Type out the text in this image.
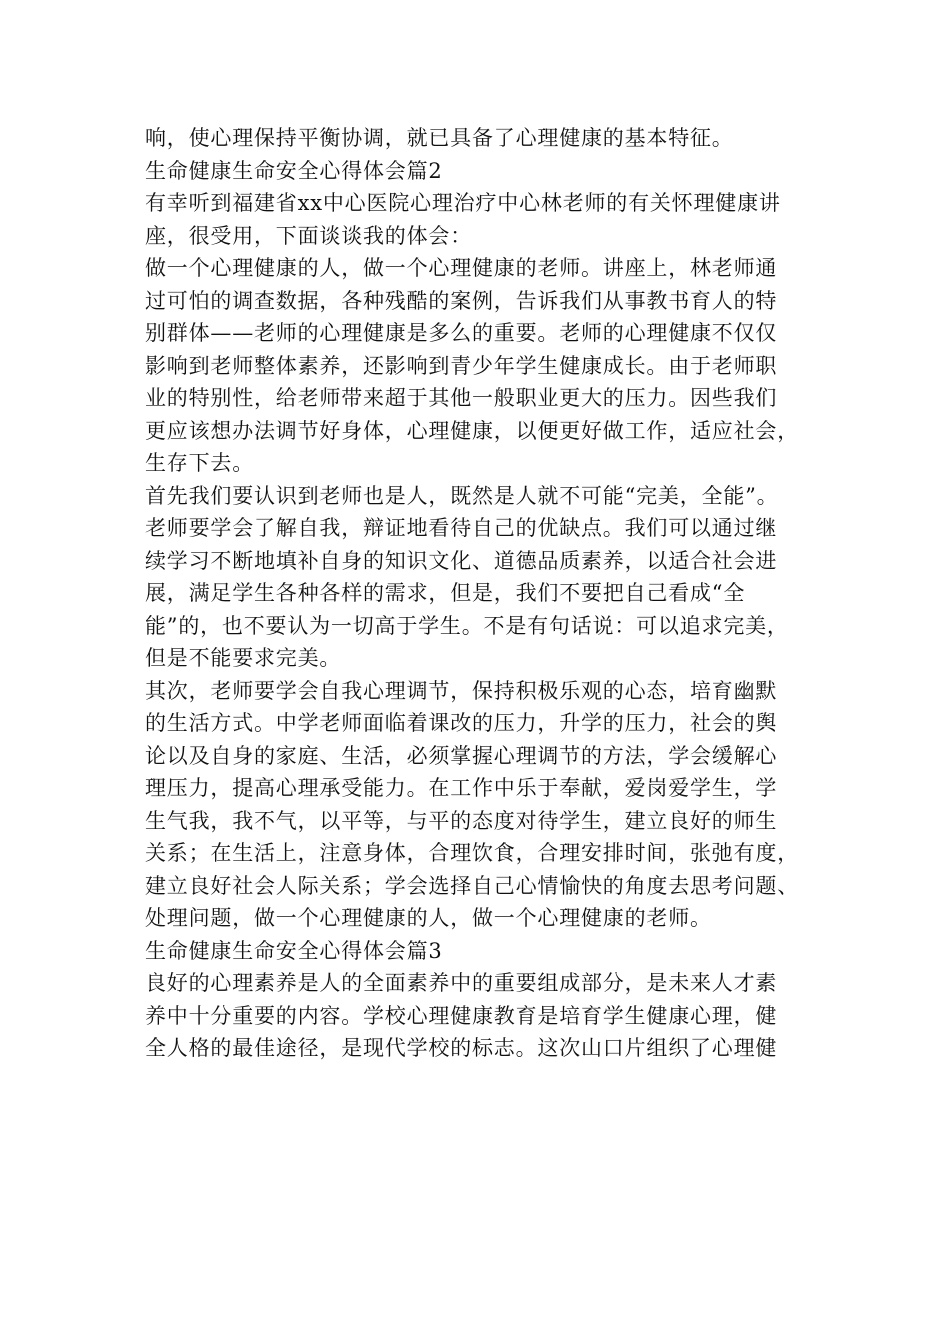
响，使心理保持平衡协调，就已具备了心理健康的基本特征。
生命健康生命安全心得体会篇2
有幸听到福建省xx中心医院心理治疗中心林老师的有关怀理健康讲
座，很受用，下面谈谈我的体会：
做一个心理健康的人，做一个心理健康的老师。讲座上，林老师通
过可怕的调查数据，各种残酷的案例，告诉我们从事教书育人的特
别群体——老师的心理健康是多么的重要。老师的心理健康不仅仅
影响到老师整体素养，还影响到青少年学生健康成长。由于老师职
业的特别性，给老师带来超于其他一般职业更大的压力。因些我们
更应该想办法调节好身体，心理健康，以便更好做工作，适应社会，
生存下去。
首先我们要认识到老师也是人，既然是人就不可能“完美，全能”。
老师要学会了解自我，辩证地看待自己的优缺点。我们可以通过继
续学习不断地填补自身的知识文化、道德品质素养，以适合社会进
展，满足学生各种各样的需求，但是，我们不要把自己看成“全
能”的，也不要认为一切高于学生。不是有句话说：可以追求完美，
但是不能要求完美。
其次，老师要学会自我心理调节，保持积极乐观的心态，培育幽默
的生活方式。中学老师面临着课改的压力，升学的压力，社会的舆
论以及自身的家庭、生活，必须掌握心理调节的方法，学会缓解心
理压力，提高心理承受能力。在工作中乐于奉献，爱岗爱学生，学
生气我，我不气，以平等，与平的态度对待学生，建立良好的师生
关系；在生活上，注意身体，合理饮食，合理安排时间，张弛有度，
建立良好社会人际关系；学会选择自己心情愉快的角度去思考问题、
处理问题，做一个心理健康的人，做一个心理健康的老师。
生命健康生命安全心得体会篇3
良好的心理素养是人的全面素养中的重要组成部分，是未来人才素
养中十分重要的内容。学校心理健康教育是培育学生健康心理，健
全人格的最佳途径，是现代学校的标志。这次山口片组织了心理健
